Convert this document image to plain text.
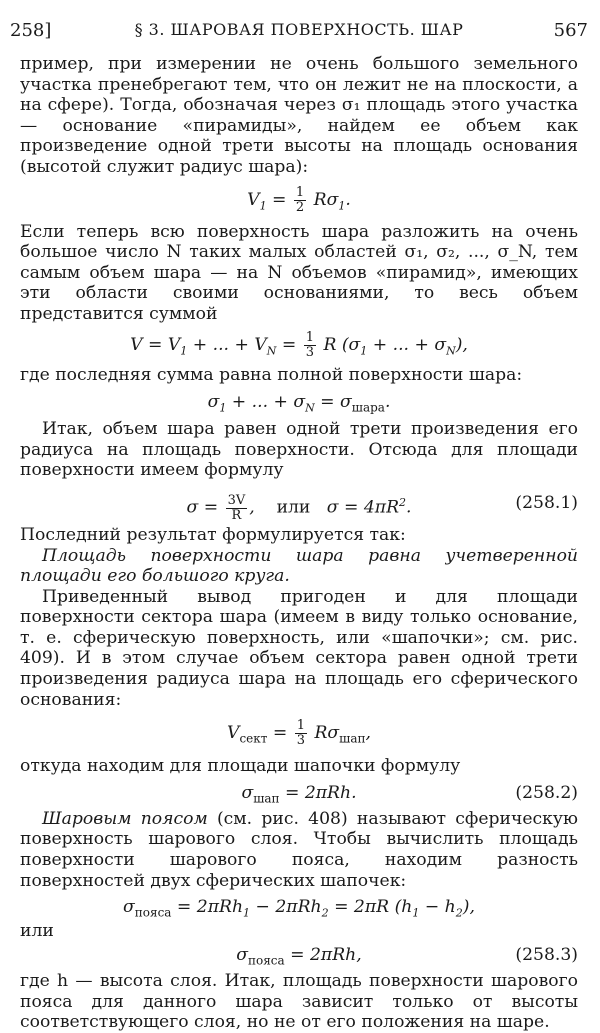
258]	§ 3. ШАРОВАЯ ПОВЕРХНОСТЬ. ШАР	567

пример, при измерении не очень большого земельного участка пренебрегают тем, что он лежит не на плоскости, а на сфере). Тогда, обозначая через σ₁ площадь этого участка — основание «пирамиды», найдем ее объем как произведение одной трети высоты на площадь основания (высотой служит радиус шара):

$V_1 = \frac{1}{2} R\sigma_1$.

Если теперь всю поверхность шара разложить на очень большое число N таких малых областей σ₁, σ₂, ..., σ_N, тем самым объем шара — на N объемов «пирамид», имеющих эти области своими основаниями, то весь объем представится суммой

$V = V_1$ + ... + $V_N = \frac{1}{3}$ R ($\sigma_1$ + ... + $\sigma_N$),

где последняя сумма равна полной поверхности шара:

$\sigma_1$ + ... + $\sigma_N = \sigma_{шара}$.

Итак, объем шара равен одной трети произведения его радиуса на площадь поверхности. Отсюда для площади поверхности имеем формулу

$\sigma = \frac{3V}{R}$ ,    или   $\sigma = 4\pi R^2$.	(258.1)

Последний результат формулируется так:

Площадь поверхности шара равна учетверенной площади его большого круга.

Приведенный вывод пригоден и для площади поверхности сектора шара (имеем в виду только основание, т. е. сферическую поверхность, или «шапочки»; см. рис. 409). И в этом случае объем сектора равен одной трети произведения радиуса шара на площадь его сферического основания:

$V_{сект} = \frac{1}{3} R\sigma_{шап}$,

откуда находим для площади шапочки формулу

$\sigma_{шап} = 2\pi Rh$.	(258.2)

Шаровым поясом (см. рис. 408) называют сферическую поверхность шарового слоя. Чтобы вычислить площадь поверхности шарового пояса, находим разность поверхностей двух сферических шапочек:

$\sigma_{пояса} = 2\pi Rh_1 - 2\pi Rh_2 = 2\pi R$ $(h_1 - h_2)$,

или

$\sigma_{пояса} = 2\pi Rh$,	(258.3)

где h — высота слоя. Итак, площадь поверхности шарового пояса для данного шара зависит только от высоты соответствующего слоя, но не от его положения на шаре.
